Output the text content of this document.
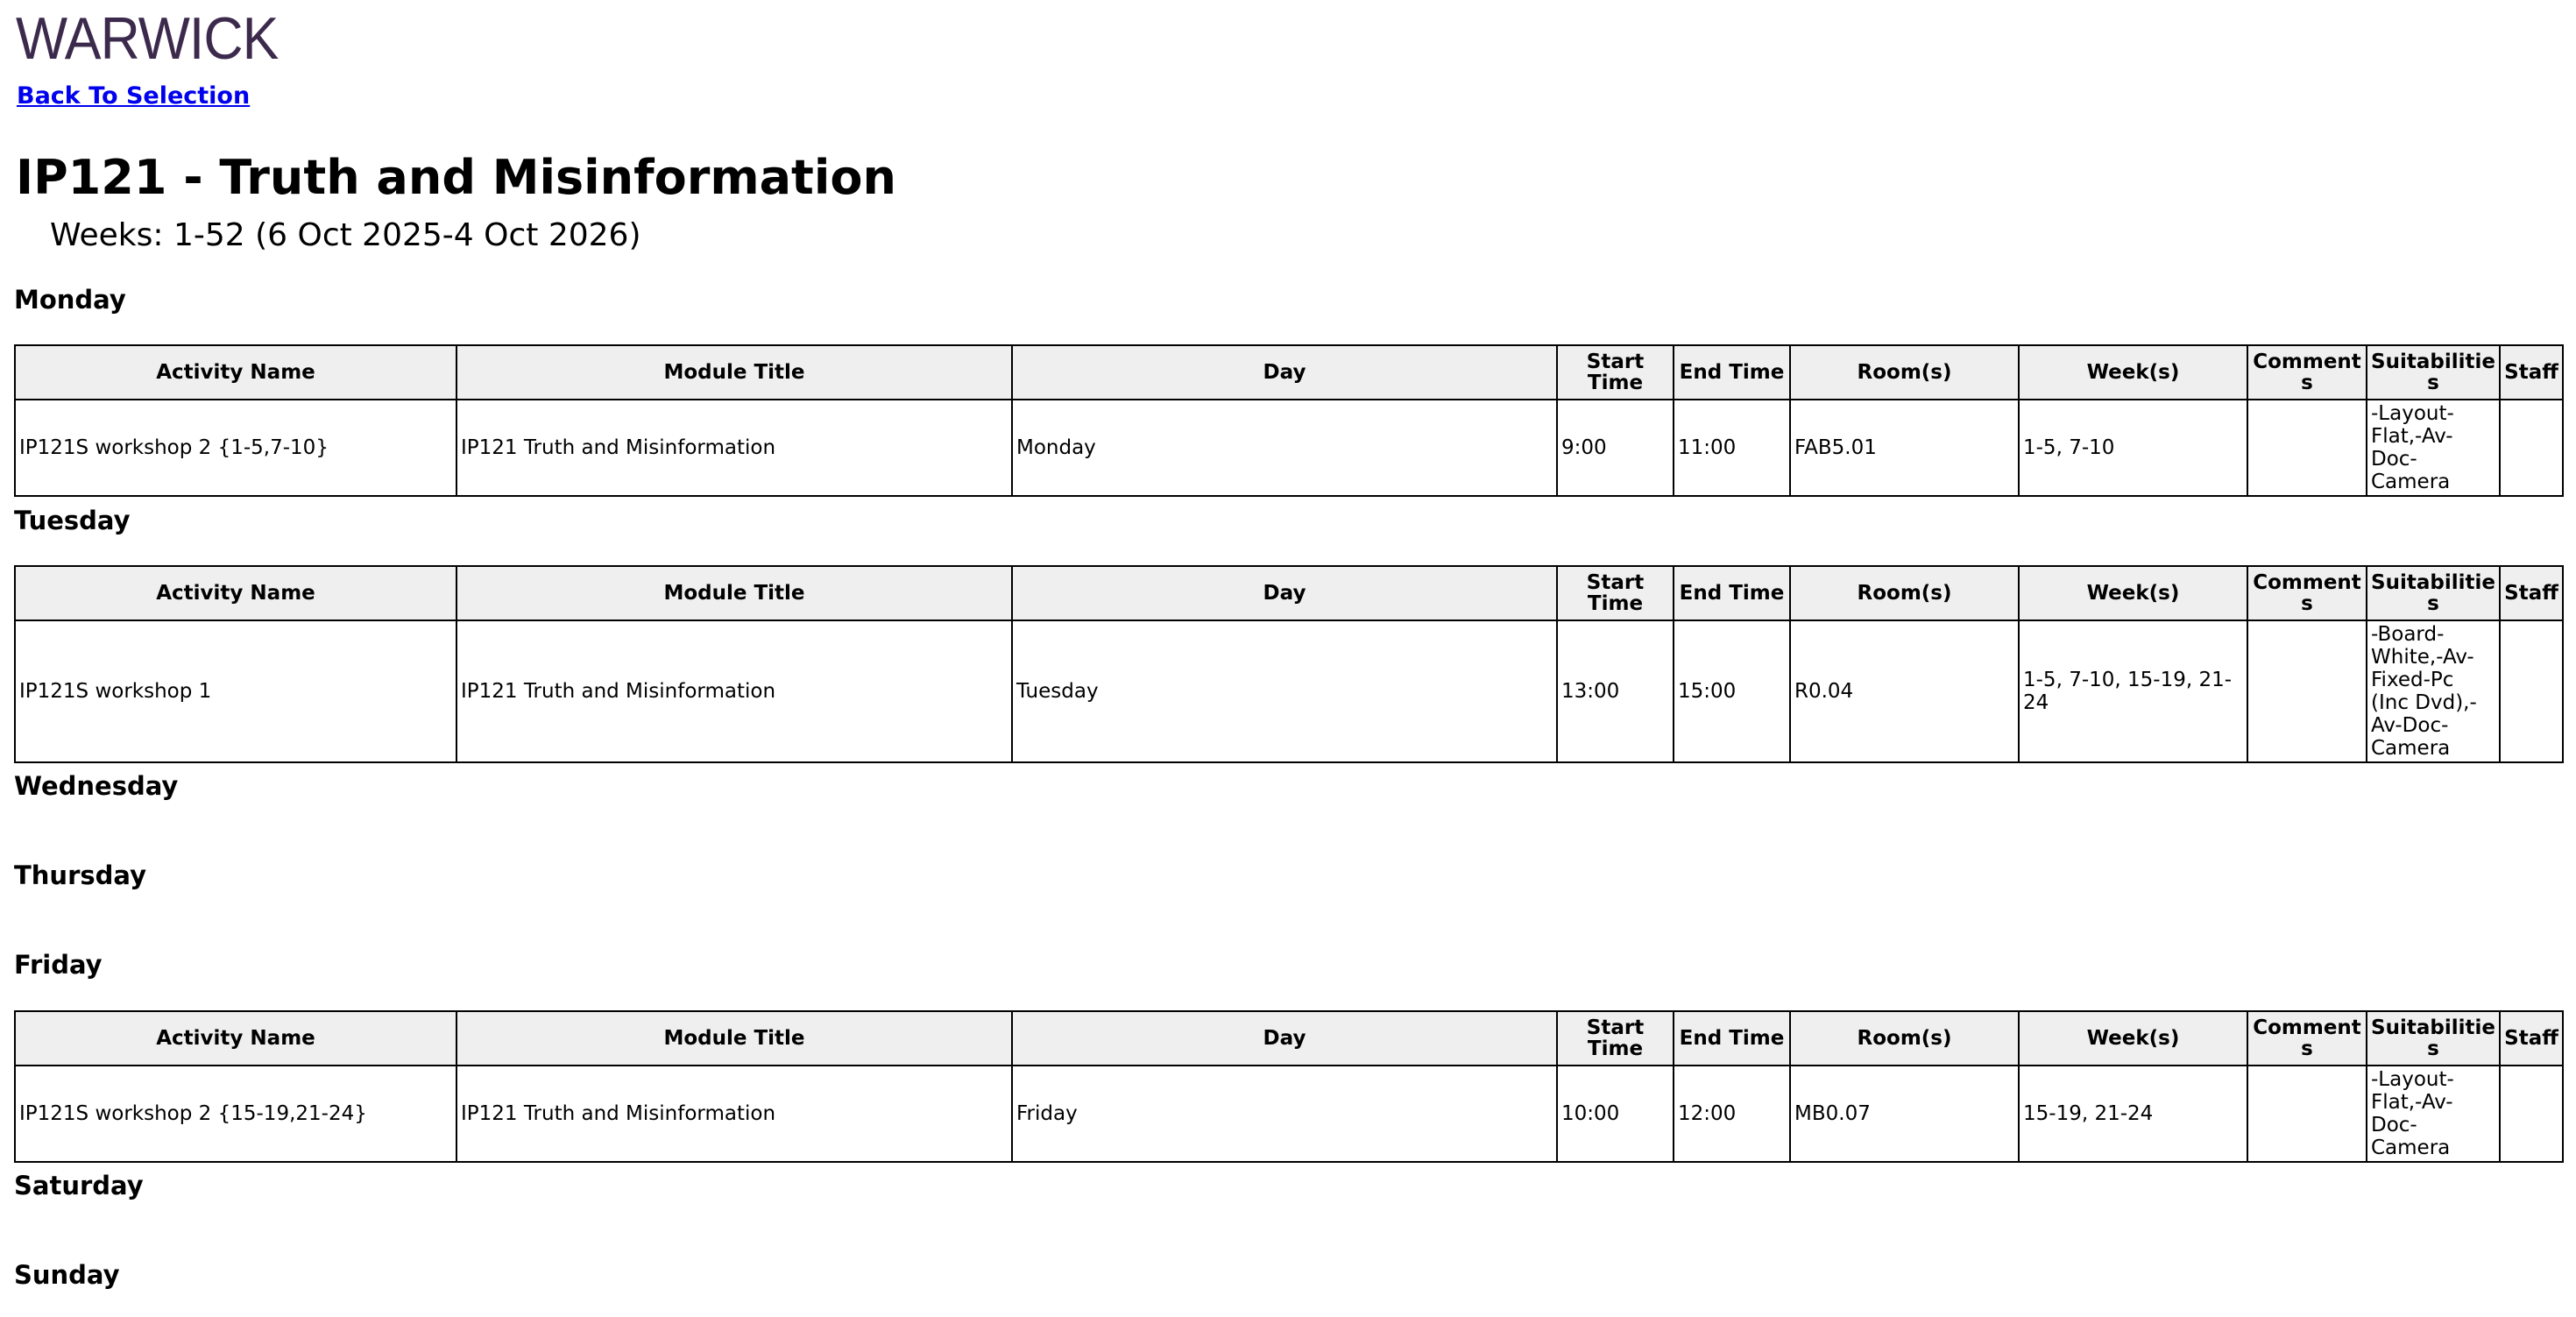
WARWICK
Back To Selection
IP121 - Truth and Misinformation
Weeks: 1-52 (6 Oct 2025-4 Oct 2026)
Monday
Activity Name	Module Title	Day	Start Time	End Time	Room(s)	Week(s)	Comments	Suitabilities	Staff
IP121S workshop 2 {1-5,7-10}	IP121 Truth and Misinformation	Monday	9:00	11:00	FAB5.01	1-5, 7-10		-Layout-Flat,-Av-Doc-Camera	
Tuesday
Activity Name	Module Title	Day	Start Time	End Time	Room(s)	Week(s)	Comments	Suitabilities	Staff
IP121S workshop 1	IP121 Truth and Misinformation	Tuesday	13:00	15:00	R0.04	1-5, 7-10, 15-19, 21-24		-Board-White,-Av-Fixed-Pc (Inc Dvd),-Av-Doc-Camera	
Wednesday
Thursday
Friday
Activity Name	Module Title	Day	Start Time	End Time	Room(s)	Week(s)	Comments	Suitabilities	Staff
IP121S workshop 2 {15-19,21-24}	IP121 Truth and Misinformation	Friday	10:00	12:00	MB0.07	15-19, 21-24		-Layout-Flat,-Av-Doc-Camera	
Saturday
Sunday
